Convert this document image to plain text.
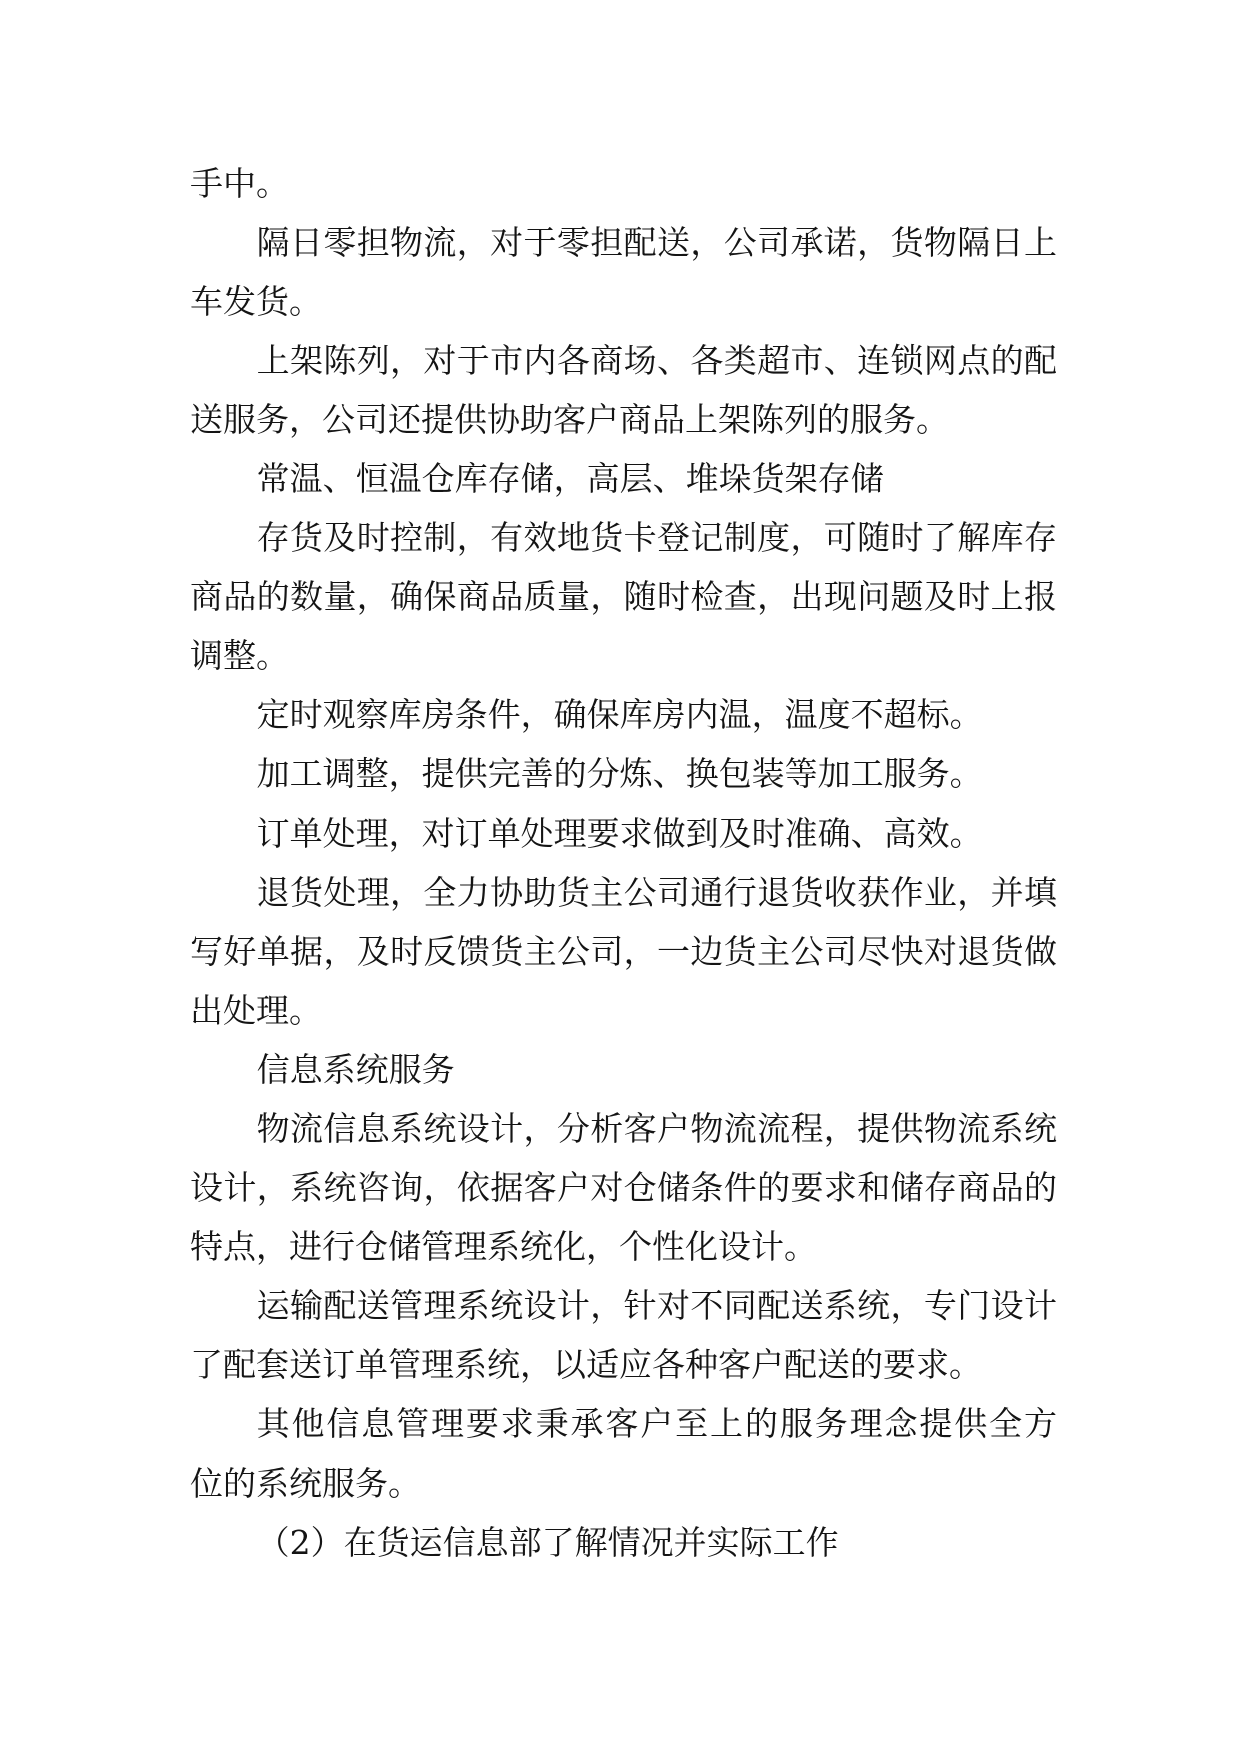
手中。
隔日零担物流，对于零担配送，公司承诺，货物隔日上
车发货。
上架陈列，对于市内各商场、各类超市、连锁网点的配
送服务，公司还提供协助客户商品上架陈列的服务。
常温、恒温仓库存储，高层、堆垛货架存储
存货及时控制，有效地货卡登记制度，可随时了解库存
商品的数量，确保商品质量，随时检查，出现问题及时上报
调整。
定时观察库房条件，确保库房内温，温度不超标。
加工调整，提供完善的分炼、换包装等加工服务。
订单处理，对订单处理要求做到及时准确、高效。
退货处理，全力协助货主公司通行退货收获作业，并填
写好单据，及时反馈货主公司，一边货主公司尽快对退货做
出处理。
信息系统服务
物流信息系统设计，分析客户物流流程，提供物流系统
设计，系统咨询，依据客户对仓储条件的要求和储存商品的
特点，进行仓储管理系统化，个性化设计。
运输配送管理系统设计，针对不同配送系统，专门设计
了配套送订单管理系统，以适应各种客户配送的要求。
其他信息管理要求秉承客户至上的服务理念提供全方
位的系统服务。
（2）在货运信息部了解情况并实际工作
